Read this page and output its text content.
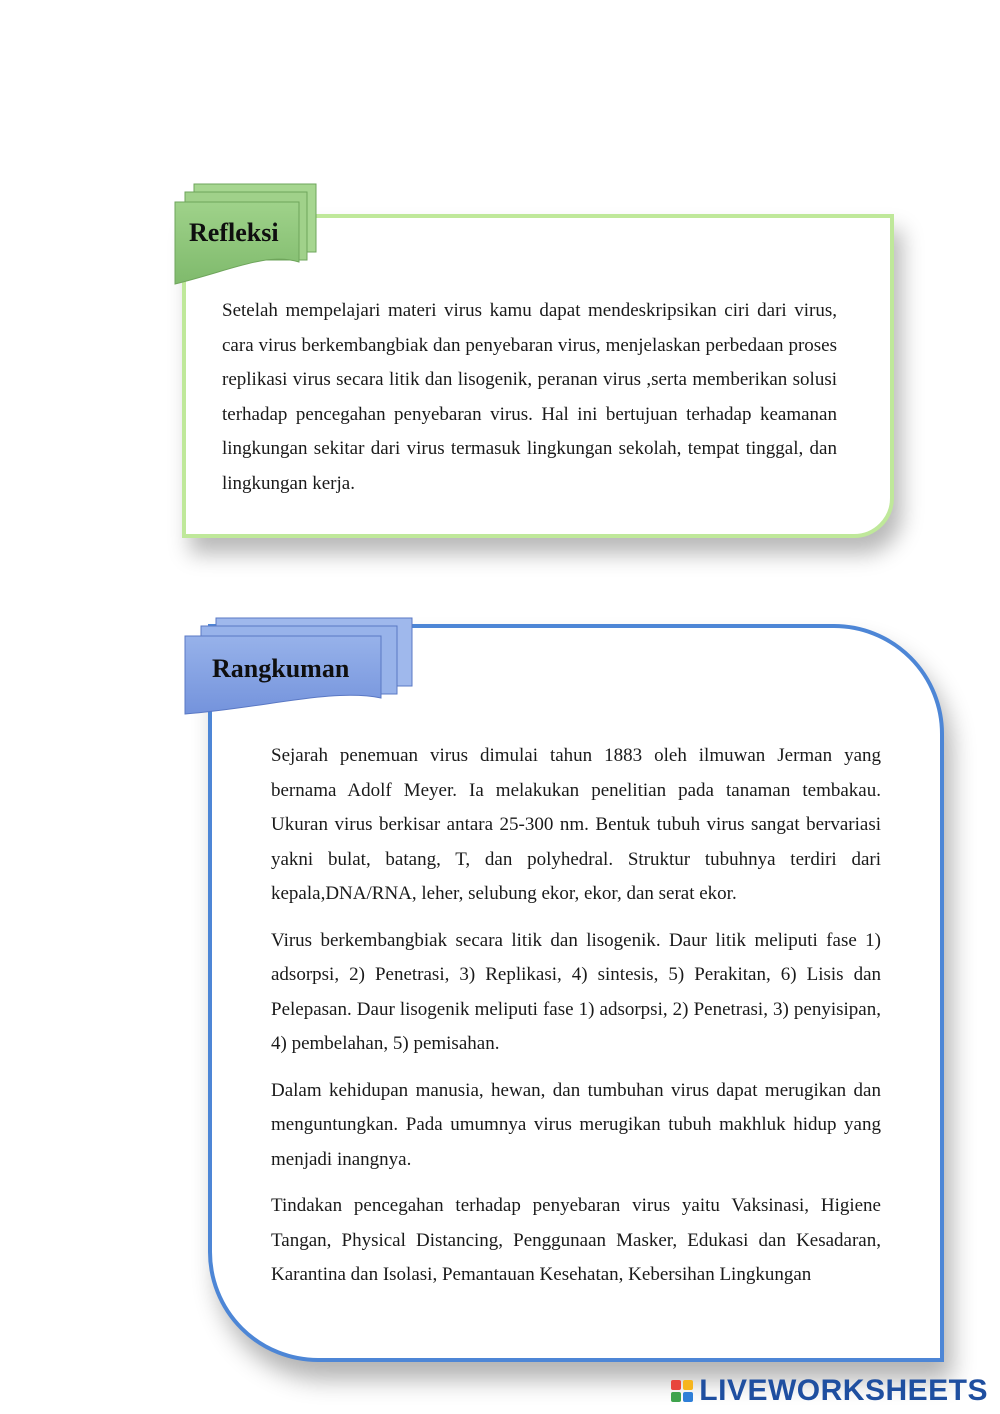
Refleksi

Setelah mempelajari materi virus kamu dapat mendeskripsikan ciri dari virus, cara virus berkembangbiak dan penyebaran virus, menjelaskan perbedaan proses replikasi virus secara litik dan lisogenik, peranan virus ,serta memberikan solusi terhadap pencegahan penyebaran virus. Hal ini bertujuan terhadap keamanan lingkungan sekitar dari virus termasuk lingkungan sekolah, tempat tinggal, dan lingkungan kerja.

Rangkuman

Sejarah penemuan virus dimulai tahun 1883 oleh ilmuwan Jerman yang bernama Adolf Meyer. Ia melakukan penelitian pada tanaman tembakau. Ukuran virus berkisar antara 25-300 nm. Bentuk tubuh virus sangat bervariasi yakni bulat, batang, T, dan polyhedral. Struktur tubuhnya terdiri dari kepala,DNA/RNA, leher, selubung ekor, ekor, dan serat ekor.

Virus berkembangbiak secara litik dan lisogenik. Daur litik meliputi fase 1) adsorpsi, 2) Penetrasi, 3) Replikasi, 4) sintesis, 5) Perakitan, 6) Lisis dan Pelepasan. Daur lisogenik meliputi fase 1) adsorpsi, 2) Penetrasi, 3) penyisipan, 4) pembelahan, 5) pemisahan.

Dalam kehidupan manusia, hewan, dan tumbuhan virus dapat merugikan dan menguntungkan. Pada umumnya virus merugikan tubuh makhluk hidup yang menjadi inangnya.

Tindakan pencegahan terhadap penyebaran virus yaitu Vaksinasi, Higiene Tangan, Physical Distancing, Penggunaan Masker, Edukasi dan Kesadaran, Karantina dan Isolasi, Pemantauan Kesehatan, Kebersihan Lingkungan

LIVEWORKSHEETS
